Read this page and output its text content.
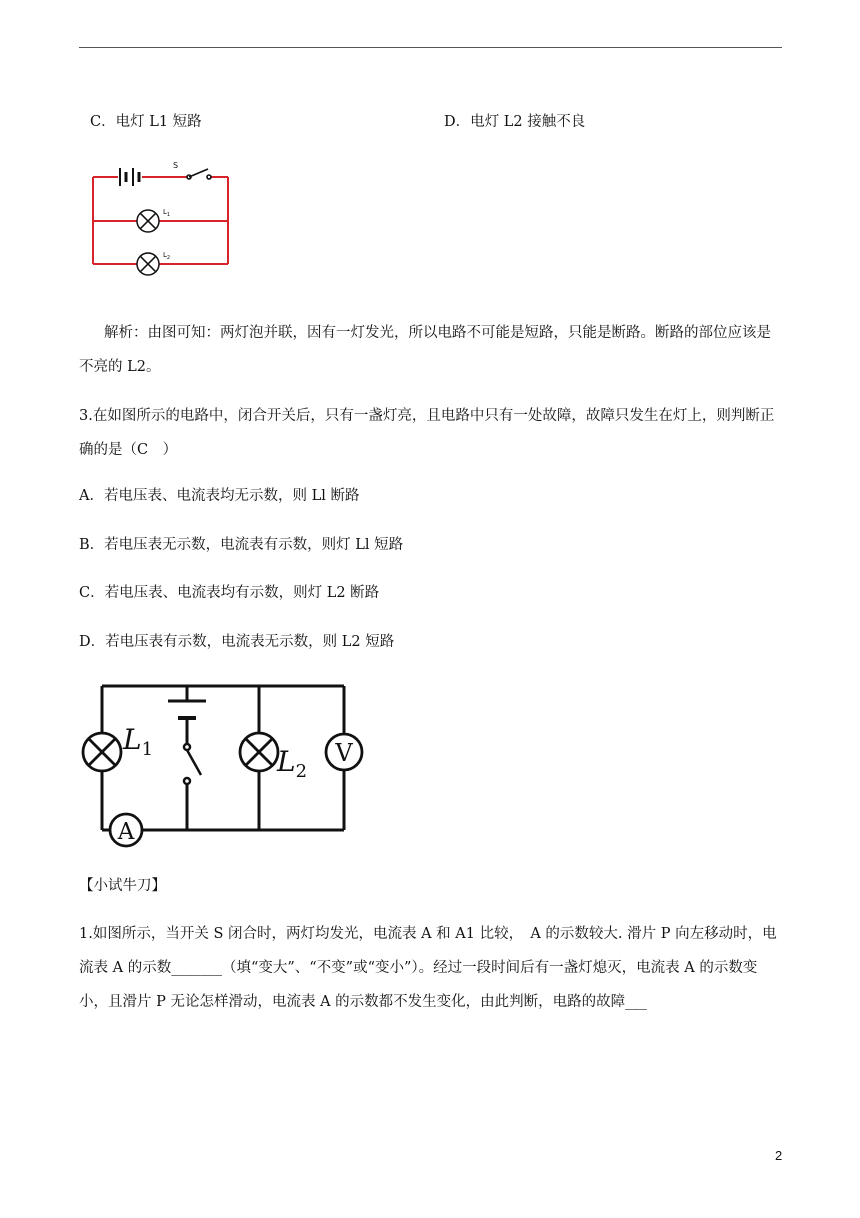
C．电灯 L1 短路	D．电灯 L2 接触不良
S
$L_1$
$L_2$
解析：由图可知：两灯泡并联，因有一灯发光，所以电路不可能是短路，只能是断路。断路的部位应该是不亮的 L2。
3.在如图所示的电路中，闭合开关后，只有一盏灯亮，且电路中只有一处故障，故障只发生在灯上，则判断正确的是（C　）
A．若电压表、电流表均无示数，则 Ll 断路
B．若电压表无示数，电流表有示数，则灯 Ll 短路
C．若电压表、电流表均有示数，则灯 L2 断路
D．若电压表有示数，电流表无示数，则 L2 短路
$L_1$	$L_2$
V
A
【小试牛刀】
1.如图所示，当开关 S 闭合时，两灯均发光，电流表 A 和 A1 比较，　A 的示数较大. 滑片 P 向左移动时，电流表 A 的示数_______（填“变大”、“不变”或“变小”）。经过一段时间后有一盏灯熄灭，电流表 A 的示数变小，且滑片 P 无论怎样滑动，电流表 A 的示数都不发生变化，由此判断，电路的故障___
2
